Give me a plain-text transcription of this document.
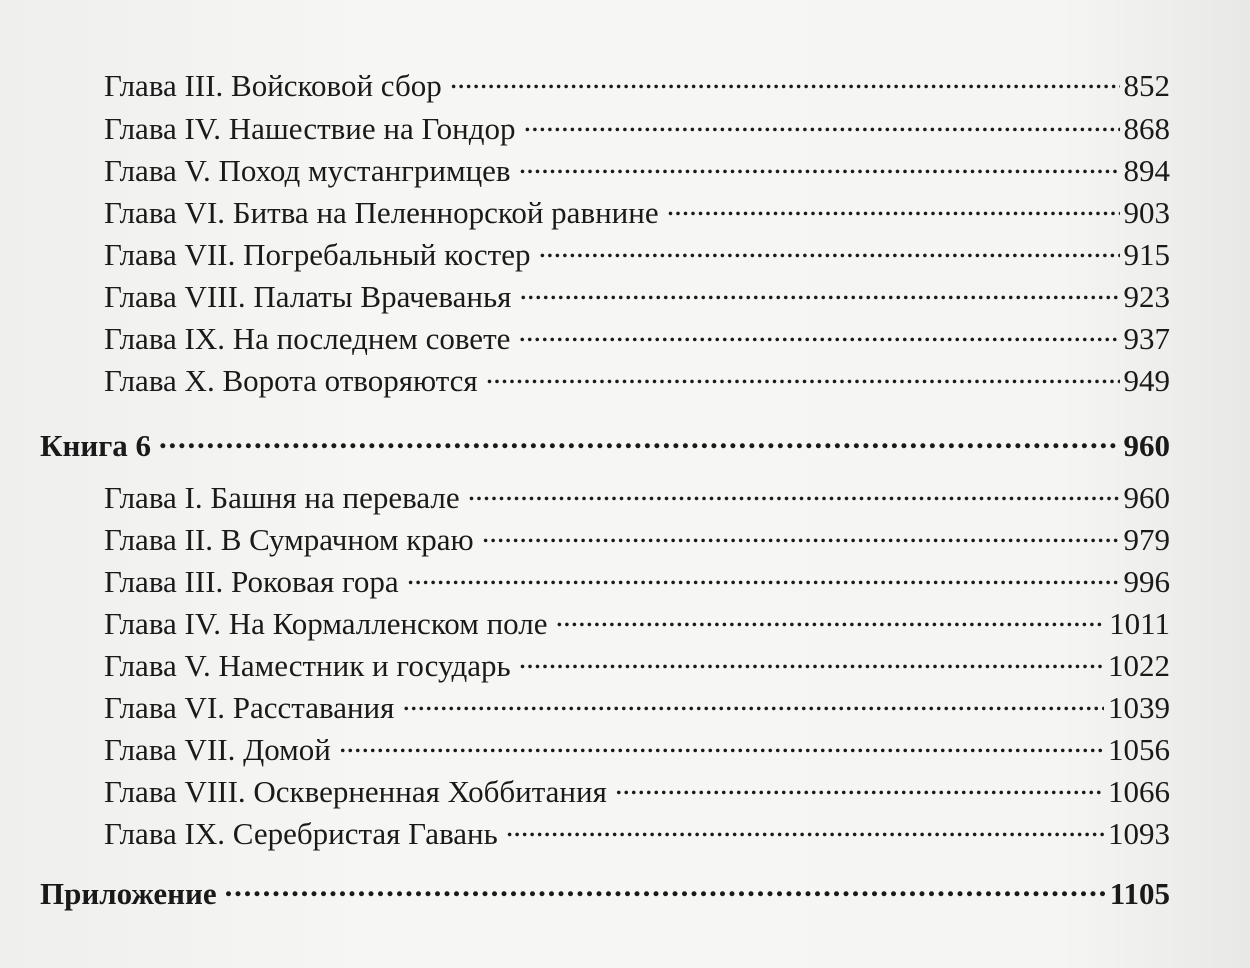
Глава III. Войсковой сбор . . .	852
Глава IV. Нашествие на Гондор . . .	868
Глава V. Поход мустангримцев . . .	894
Глава VI. Битва на Пеленнорской равнине . . .	903
Глава VII. Погребальный костер . . .	915
Глава VIII. Палаты Врачеванья . . .	923
Глава IX. На последнем совете . . .	937
Глава X. Ворота отворяются . . .	949
Книга 6 . . .	960
Глава I. Башня на перевале . . .	960
Глава II. В Сумрачном краю . . .	979
Глава III. Роковая гора . . .	996
Глава IV. На Кормалленском поле . . .	1011
Глава V. Наместник и государь . . .	1022
Глава VI. Расставания . . .	1039
Глава VII. Домой . . .	1056
Глава VIII. Оскверненная Хоббитания . . .	1066
Глава IX. Серебристая Гавань . . .	1093
Приложение . . .	1105
